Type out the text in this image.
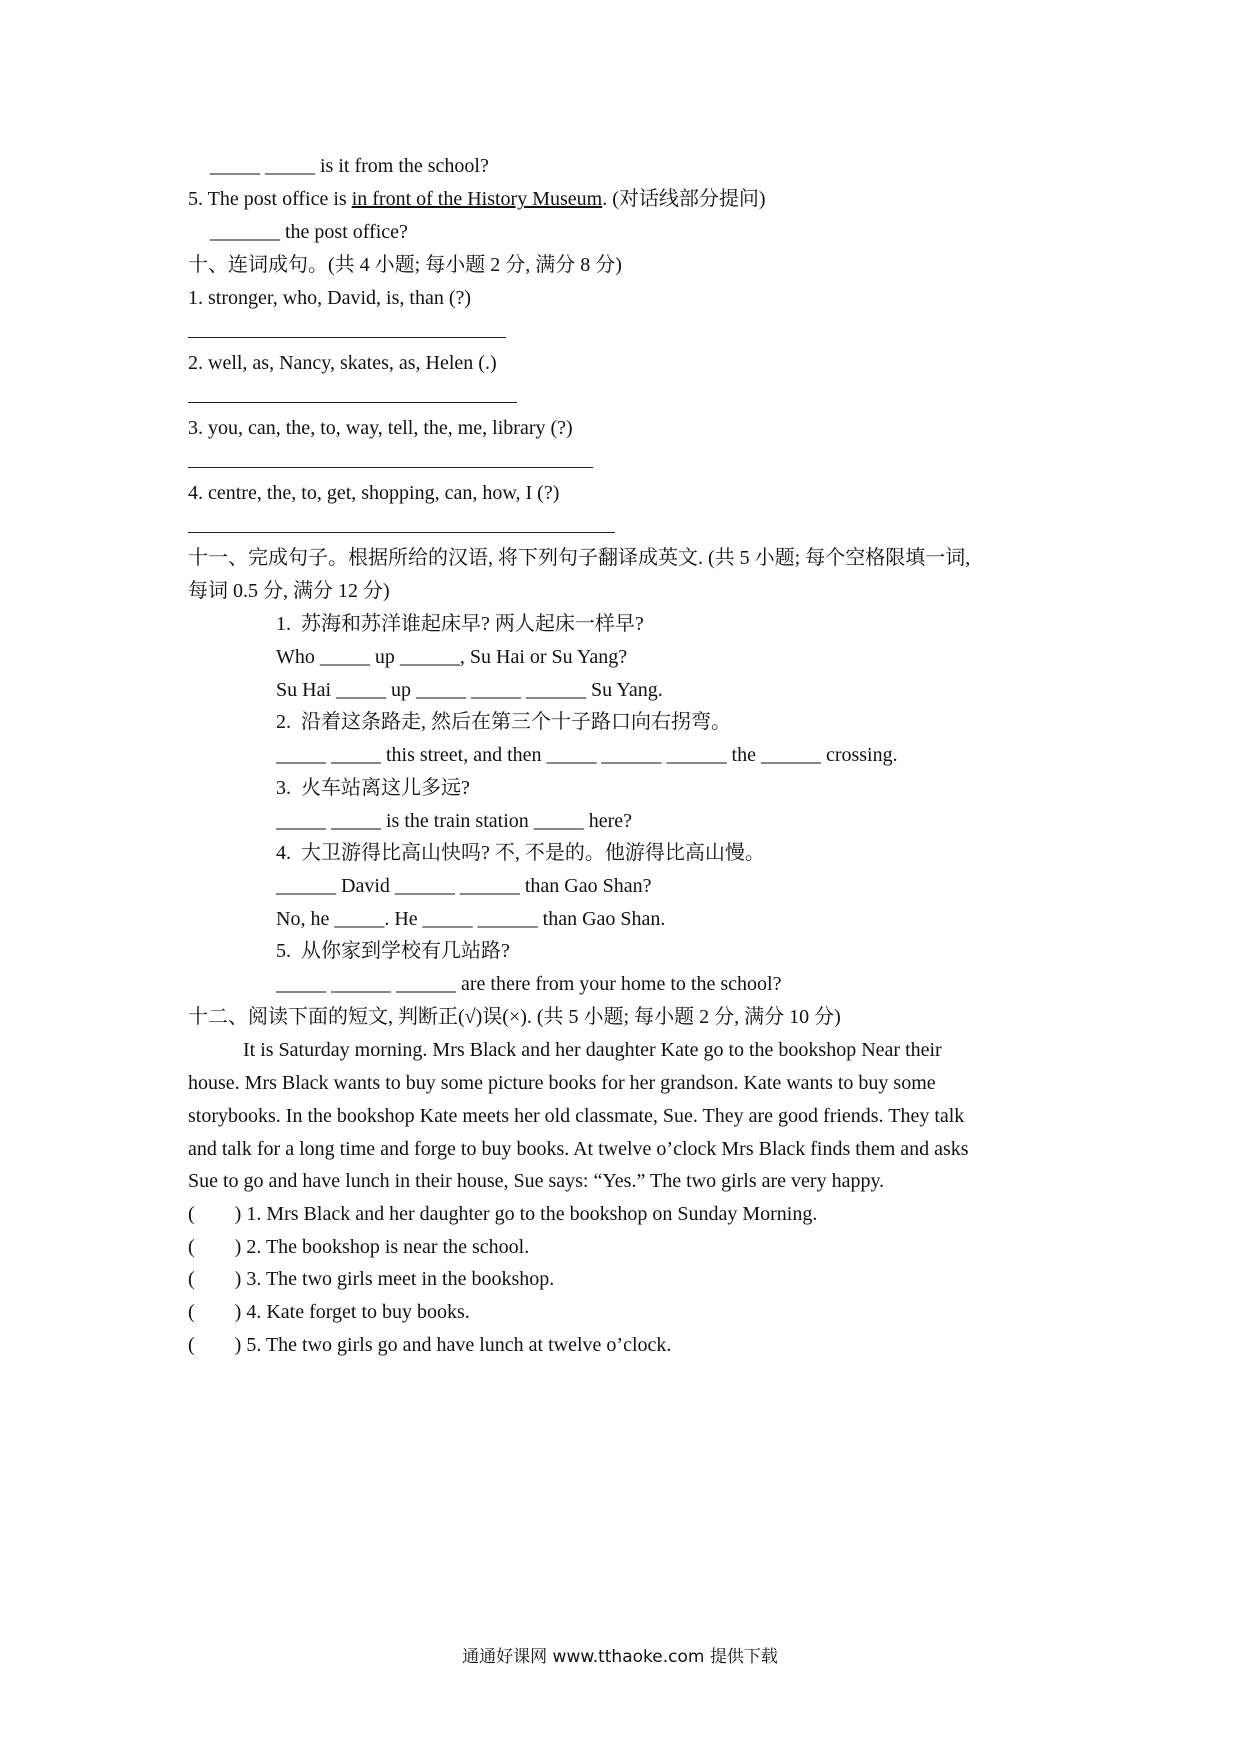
_____ _____ is it from the school?
5. The post office is in front of the History Museum. (对话线部分提问)
_______ the post office?
十、连词成句。(共 4 小题; 每小题 2 分, 满分 8 分)
1. stronger, who, David, is, than (?)
2. well, as, Nancy, skates, as, Helen (.)
3. you, can, the, to, way, tell, the, me, library (?)
4. centre, the, to, get, shopping, can, how, I (?)
十一、完成句子。根据所给的汉语, 将下列句子翻译成英文. (共 5 小题; 每个空格限填一词,
每词 0.5 分, 满分 12 分)
1.  苏海和苏洋谁起床早? 两人起床一样早?
Who _____ up ______, Su Hai or Su Yang?
Su Hai _____ up _____ _____ ______ Su Yang.
2.  沿着这条路走, 然后在第三个十子路口向右拐弯。
_____ _____ this street, and then _____ ______ ______ the ______ crossing.
3.  火车站离这儿多远?
_____ _____ is the train station _____ here?
4.  大卫游得比高山快吗? 不, 不是的。他游得比高山慢。
______ David ______ ______ than Gao Shan?
No, he _____. He _____ ______ than Gao Shan.
5.  从你家到学校有几站路?
_____ ______ ______ are there from your home to the school?
十二、阅读下面的短文, 判断正(√)误(×). (共 5 小题; 每小题 2 分, 满分 10 分)
It is Saturday morning. Mrs Black and her daughter Kate go to the bookshop Near their
house. Mrs Black wants to buy some picture books for her grandson. Kate wants to buy some
storybooks. In the bookshop Kate meets her old classmate, Sue. They are good friends. They talk
and talk for a long time and forge to buy books. At twelve o’clock Mrs Black finds them and asks
Sue to go and have lunch in their house, Sue says: “Yes.” The two girls are very happy.
(        ) 1. Mrs Black and her daughter go to the bookshop on Sunday Morning.
(        ) 2. The bookshop is near the school.
(        ) 3. The two girls meet in the bookshop.
(        ) 4. Kate forget to buy books.
(        ) 5. The two girls go and have lunch at twelve o’clock.
通通好课网 www.tthaoke.com 提供下载
